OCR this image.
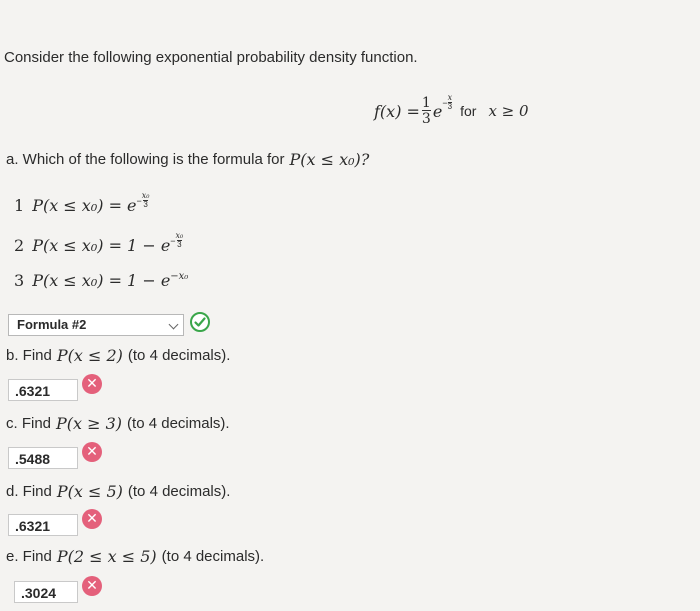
Consider the following exponential probability density function.
$f(x) = \frac{1}{3}$ $e - \frac{x}{3}$ for x ≥ 0
a. Which of the following is the formula for P(x ≤ x₀)?
1 $P(x \le x_0) = e - \frac{\text{x₀}}{3}$
2 $P(x \le x_0) = 1 - e - \frac{\text{x₀}}{3}$
3 $P(x \le x_0) = 1 - e^{-x_0}$
Formula #2
b. Find P(x ≤ 2) (to 4 decimals).
.6321	✕
c. Find P(x ≥ 3) (to 4 decimals).
.5488	✕
d. Find P(x ≤ 5) (to 4 decimals).
.6321	✕
e. Find P(2 ≤ x ≤ 5) (to 4 decimals).
.3024	✕
